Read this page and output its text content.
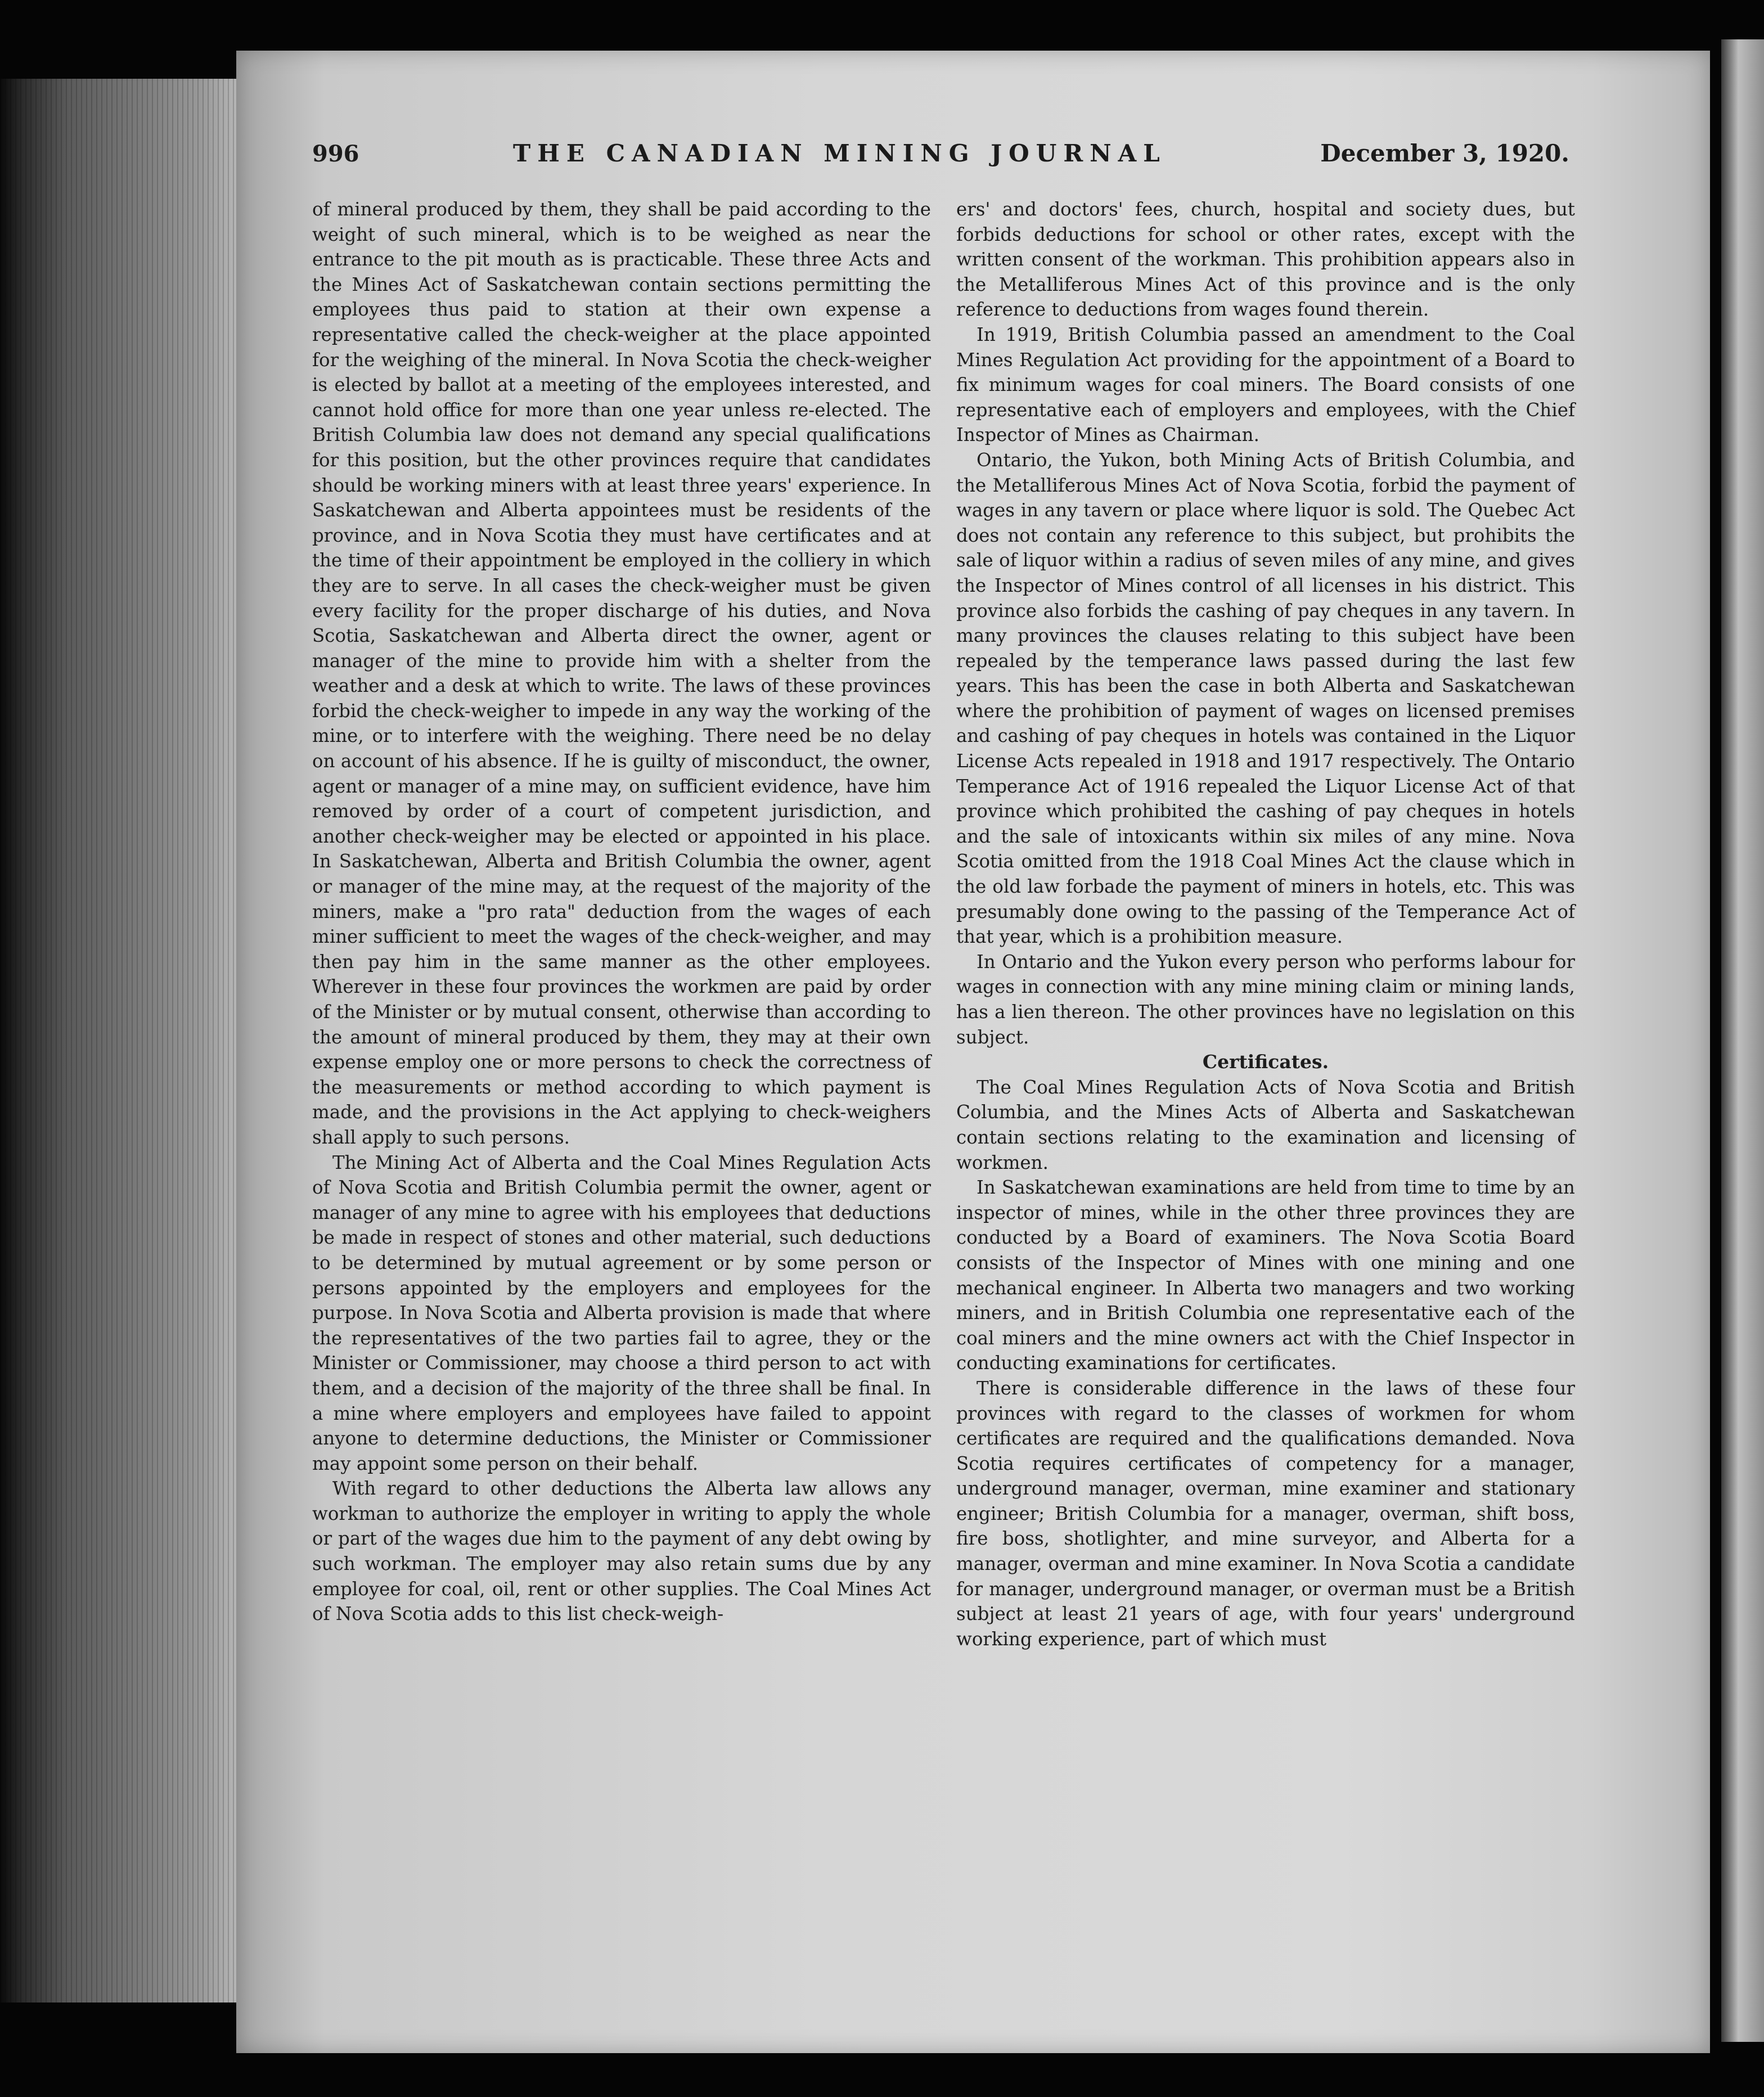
996	THE CANADIAN MINING JOURNAL	December 3, 1920.

of mineral produced by them, they shall be paid according to the weight of such mineral, which is to be weighed as near the entrance to the pit mouth as is practicable. These three Acts and the Mines Act of Saskatchewan contain sections permitting the employees thus paid to station at their own expense a representative called the check-weigher at the place appointed for the weighing of the mineral. In Nova Scotia the check-weigher is elected by ballot at a meeting of the employees interested, and cannot hold office for more than one year unless re-elected. The British Columbia law does not demand any special qualifications for this position, but the other provinces require that candidates should be working miners with at least three years' experience. In Saskatchewan and Alberta appointees must be residents of the province, and in Nova Scotia they must have certificates and at the time of their appointment be employed in the colliery in which they are to serve. In all cases the check-weigher must be given every facility for the proper discharge of his duties, and Nova Scotia, Saskatchewan and Alberta direct the owner, agent or manager of the mine to provide him with a shelter from the weather and a desk at which to write. The laws of these provinces forbid the check-weigher to impede in any way the working of the mine, or to interfere with the weighing. There need be no delay on account of his absence. If he is guilty of misconduct, the owner, agent or manager of a mine may, on sufficient evidence, have him removed by order of a court of competent jurisdiction, and another check-weigher may be elected or appointed in his place. In Saskatchewan, Alberta and British Columbia the owner, agent or manager of the mine may, at the request of the majority of the miners, make a "pro rata" deduction from the wages of each miner sufficient to meet the wages of the check-weigher, and may then pay him in the same manner as the other employees. Wherever in these four provinces the workmen are paid by order of the Minister or by mutual consent, otherwise than according to the amount of mineral produced by them, they may at their own expense employ one or more persons to check the correctness of the measurements or method according to which payment is made, and the provisions in the Act applying to check-weighers shall apply to such persons.

The Mining Act of Alberta and the Coal Mines Regulation Acts of Nova Scotia and British Columbia permit the owner, agent or manager of any mine to agree with his employees that deductions be made in respect of stones and other material, such deductions to be determined by mutual agreement or by some person or persons appointed by the employers and employees for the purpose. In Nova Scotia and Alberta provision is made that where the representatives of the two parties fail to agree, they or the Minister or Commissioner, may choose a third person to act with them, and a decision of the majority of the three shall be final. In a mine where employers and employees have failed to appoint anyone to determine deductions, the Minister or Commissioner may appoint some person on their behalf.

With regard to other deductions the Alberta law allows any workman to authorize the employer in writing to apply the whole or part of the wages due him to the payment of any debt owing by such workman. The employer may also retain sums due by any employee for coal, oil, rent or other supplies. The Coal Mines Act of Nova Scotia adds to this list check-weigh-

ers' and doctors' fees, church, hospital and society dues, but forbids deductions for school or other rates, except with the written consent of the workman. This prohibition appears also in the Metalliferous Mines Act of this province and is the only reference to deductions from wages found therein.

In 1919, British Columbia passed an amendment to the Coal Mines Regulation Act providing for the appointment of a Board to fix minimum wages for coal miners. The Board consists of one representative each of employers and employees, with the Chief Inspector of Mines as Chairman.

Ontario, the Yukon, both Mining Acts of British Columbia, and the Metalliferous Mines Act of Nova Scotia, forbid the payment of wages in any tavern or place where liquor is sold. The Quebec Act does not contain any reference to this subject, but prohibits the sale of liquor within a radius of seven miles of any mine, and gives the Inspector of Mines control of all licenses in his district. This province also forbids the cashing of pay cheques in any tavern. In many provinces the clauses relating to this subject have been repealed by the temperance laws passed during the last few years. This has been the case in both Alberta and Saskatchewan where the prohibition of payment of wages on licensed premises and cashing of pay cheques in hotels was contained in the Liquor License Acts repealed in 1918 and 1917 respectively. The Ontario Temperance Act of 1916 repealed the Liquor License Act of that province which prohibited the cashing of pay cheques in hotels and the sale of intoxicants within six miles of any mine. Nova Scotia omitted from the 1918 Coal Mines Act the clause which in the old law forbade the payment of miners in hotels, etc. This was presumably done owing to the passing of the Temperance Act of that year, which is a prohibition measure.

In Ontario and the Yukon every person who performs labour for wages in connection with any mine mining claim or mining lands, has a lien thereon. The other provinces have no legislation on this subject.

Certificates.

The Coal Mines Regulation Acts of Nova Scotia and British Columbia, and the Mines Acts of Alberta and Saskatchewan contain sections relating to the examination and licensing of workmen.

In Saskatchewan examinations are held from time to time by an inspector of mines, while in the other three provinces they are conducted by a Board of examiners. The Nova Scotia Board consists of the Inspector of Mines with one mining and one mechanical engineer. In Alberta two managers and two working miners, and in British Columbia one representative each of the coal miners and the mine owners act with the Chief Inspector in conducting examinations for certificates.

There is considerable difference in the laws of these four provinces with regard to the classes of workmen for whom certificates are required and the qualifications demanded. Nova Scotia requires certificates of competency for a manager, underground manager, overman, mine examiner and stationary engineer; British Columbia for a manager, overman, shift boss, fire boss, shotlighter, and mine surveyor, and Alberta for a manager, overman and mine examiner. In Nova Scotia a candidate for manager, underground manager, or overman must be a British subject at least 21 years of age, with four years' underground working experience, part of which must
